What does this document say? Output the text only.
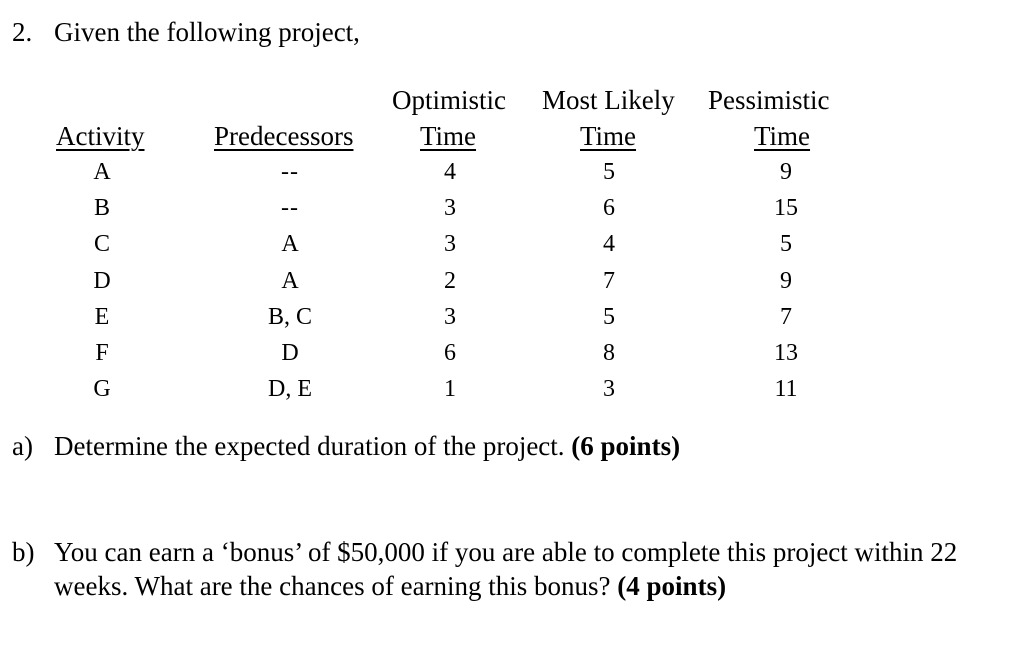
2. Given the following project,
Optimistic Most Likely Pessimistic
Activity	Predecessors Time	Time	Time
A	--	4	5	9
B	--	3	6	15
C	A	3	4	5
D	A	2	7	9
E	B, C	3	5	7
F	D	6	8	13
G	D, E	1	3	11
a) Determine the expected duration of the project. (6 points)
b) You can earn a ‘bonus’ of $50,000 if you are able to complete this project within 22
weeks. What are the chances of earning this bonus? (4 points)
